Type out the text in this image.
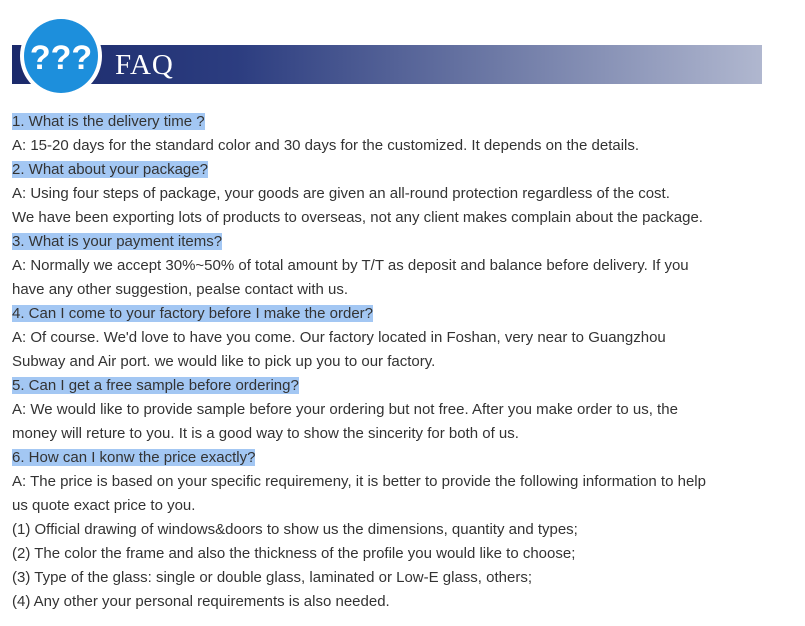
??? FAQ
1. What is the delivery time ?
A: 15-20 days for the standard color and 30 days for the customized. It depends on the details.
2. What about your package?
A: Using four steps of package, your goods are given an all-round protection regardless of the cost.
We have been exporting lots of products to overseas, not any client makes complain about the package.
3. What is your payment items?
A: Normally we accept 30%~50% of total amount by T/T as deposit and balance before delivery. If you
have any other suggestion, pealse contact with us.
4. Can I come to your factory before I make the order?
A: Of course. We'd love to have you come. Our factory located in Foshan, very near to Guangzhou
Subway and Air port. we would like to pick up you to our factory.
5. Can I get a free sample before ordering?
A: We would like to provide sample before your ordering but not free. After you make order to us, the
money will reture to you. It is a good way to show the sincerity for both of us.
6. How can I konw the price exactly?
A: The price is based on your specific requiremeny, it is better to provide the following information to help
us quote exact price to you.
(1) Official drawing of windows&doors to show us the dimensions, quantity and types;
(2) The color the frame and also the thickness of the profile you would like to choose;
(3) Type of the glass: single or double glass, laminated or Low-E glass, others;
(4) Any other your personal requirements is also needed.
